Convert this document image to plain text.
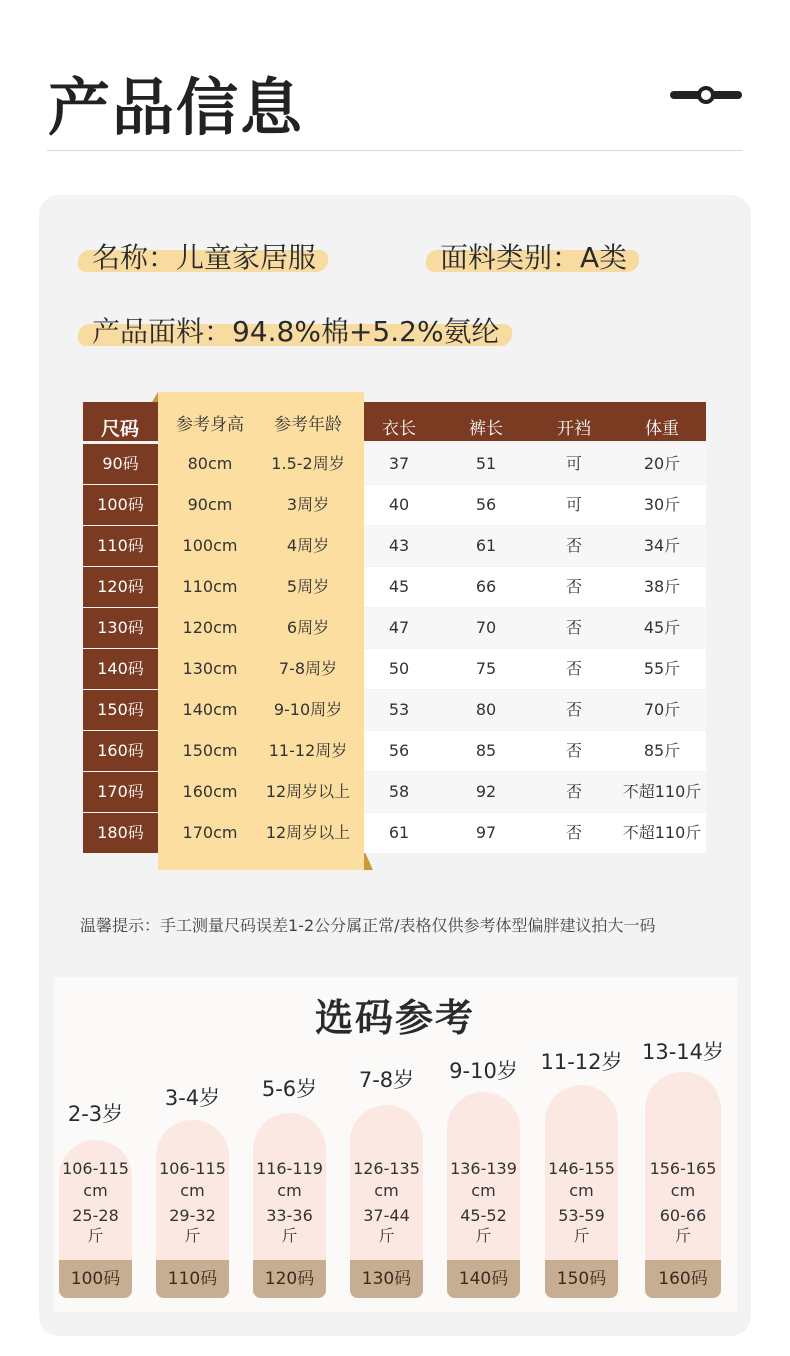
产品信息
名称：儿童家居服	面料类别：A类
产品面料：94.8%棉+5.2%氨纶
尺码	参考身高	参考年龄	衣长	裤长	开裆	体重
90码	80cm	1.5-2周岁	37	51	可	20斤
100码	90cm	3周岁	40	56	可	30斤
110码	100cm	4周岁	43	61	否	34斤
120码	110cm	5周岁	45	66	否	38斤
130码	120cm	6周岁	47	70	否	45斤
140码	130cm	7-8周岁	50	75	否	55斤
150码	140cm	9-10周岁	53	80	否	70斤
160码	150cm	11-12周岁	56	85	否	85斤
170码	160cm	12周岁以上	58	92	否	不超110斤
180码	170cm	12周岁以上	61	97	否	不超110斤
温馨提示：手工测量尺码误差1-2公分属正常/表格仅供参考体型偏胖建议拍大一码
选码参考
2-3岁
100码
106-115
cm
25-28
斤
3-4岁
110码
106-115
cm
29-32
斤
5-6岁
120码
116-119
cm
33-36
斤
7-8岁
130码
126-135
cm
37-44
斤
9-10岁
140码
136-139
cm
45-52
斤
11-12岁
150码
146-155
cm
53-59
斤
13-14岁
160码
156-165
cm
60-66
斤
